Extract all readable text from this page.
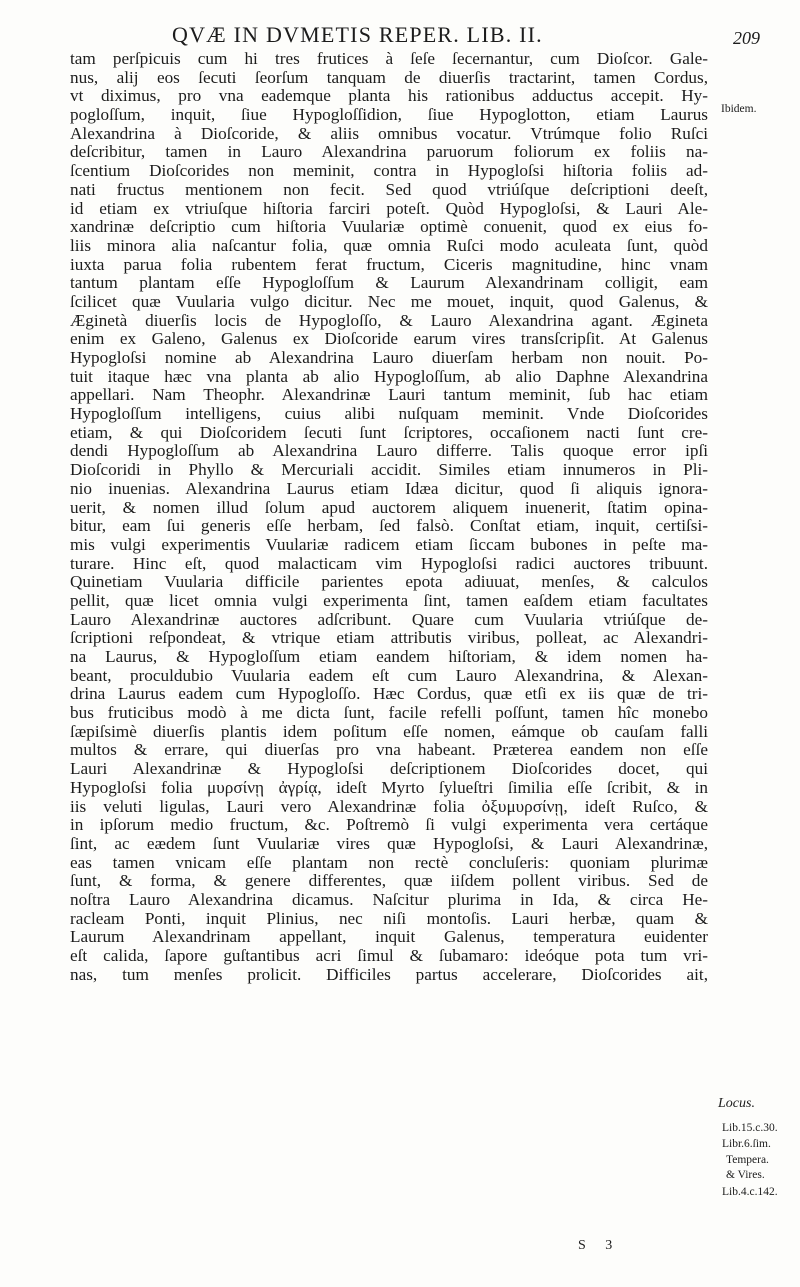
QVÆ IN DVMETIS REPER. LIB. II.	209
tam perſpicuis cum hi tres frutices à ſeſe ſecernantur, cum Dioſcor. Gale-
nus, alij eos ſecuti ſeorſum tanquam de diuerſis tractarint, tamen Cordus,
vt diximus, pro vna eademque planta his rationibus adductus accepit. Hy-
pogloſſum, inquit, ſiue Hypogloſſidion, ſiue Hypoglotton, etiam Laurus
Alexandrina à Dioſcoride, & aliis omnibus vocatur. Vtrúmque folio Ruſci
deſcribitur, tamen in Lauro Alexandrina paruorum foliorum ex foliis na-
ſcentium Dioſcorides non meminit, contra in Hypogloſsi hiſtoria foliis ad-
nati fructus mentionem non fecit. Sed quod vtriúſque deſcriptioni deeſt,
id etiam ex vtriuſque hiſtoria farciri poteſt. Quòd Hypogloſsi, & Lauri Ale-
xandrinæ deſcriptio cum hiſtoria Vuulariæ optimè conuenit, quod ex eius fo-
liis minora alia naſcantur folia, quæ omnia Ruſci modo aculeata ſunt, quòd
iuxta parua folia rubentem ferat fructum, Ciceris magnitudine, hinc vnam
tantum plantam eſſe Hypogloſſum & Laurum Alexandrinam colligit, eam
ſcilicet quæ Vuularia vulgo dicitur. Nec me mouet, inquit, quod Galenus, &
Æginetà diuerſis locis de Hypogloſſo, & Lauro Alexandrina agant. Ægineta
enim ex Galeno, Galenus ex Dioſcoride earum vires transſcripſit. At Galenus
Hypogloſsi nomine ab Alexandrina Lauro diuerſam herbam non nouit. Po-
tuit itaque hæc vna planta ab alio Hypogloſſum, ab alio Daphne Alexandrina
appellari. Nam Theophr. Alexandrinæ Lauri tantum meminit, ſub hac etiam
Hypogloſſum intelligens, cuius alibi nuſquam meminit. Vnde Dioſcorides
etiam, & qui Dioſcoridem ſecuti ſunt ſcriptores, occaſionem nacti ſunt cre-
dendi Hypogloſſum ab Alexandrina Lauro differre. Talis quoque error ipſi
Dioſcoridi in Phyllo & Mercuriali accidit. Similes etiam innumeros in Pli-
nio inuenias. Alexandrina Laurus etiam Idæa dicitur, quod ſi aliquis ignora-
uerit, & nomen illud ſolum apud auctorem aliquem inuenerit, ſtatim opina-
bitur, eam ſui generis eſſe herbam, ſed falsò. Conſtat etiam, inquit, certiſsi-
mis vulgi experimentis Vuulariæ radicem etiam ſiccam bubones in peſte ma-
turare. Hinc eſt, quod malacticam vim Hypogloſsi radici auctores tribuunt.
Quinetiam Vuularia difficile parientes epota adiuuat, menſes, & calculos
pellit, quæ licet omnia vulgi experimenta ſint, tamen eaſdem etiam facultates
Lauro Alexandrinæ auctores adſcribunt. Quare cum Vuularia vtriúſque de-
ſcriptioni reſpondeat, & vtrique etiam attributis viribus, polleat, ac Alexandri-
na Laurus, & Hypogloſſum etiam eandem hiſtoriam, & idem nomen ha-
beant, proculdubio Vuularia eadem eſt cum Lauro Alexandrina, & Alexan-
drina Laurus eadem cum Hypogloſſo. Hæc Cordus, quæ etſi ex iis quæ de tri-
bus fruticibus modò à me dicta ſunt, facile refelli poſſunt, tamen hîc monebo
ſæpiſsimè diuerſis plantis idem poſitum eſſe nomen, eámque ob cauſam falli
multos & errare, qui diuerſas pro vna habeant. Præterea eandem non eſſe
Lauri Alexandrinæ & Hypogloſsi deſcriptionem Dioſcorides docet, qui
Hypogloſsi folia μυρσίνῃ ἀγρίᾳ, ideſt Myrto ſylueſtri ſimilia eſſe ſcribit, & in
iis veluti ligulas, Lauri vero Alexandrinæ folia ὀξυμυρσίνῃ, ideſt Ruſco, &
in ipſorum medio fructum, &c. Poſtremò ſi vulgi experimenta vera certáque
ſint, ac eædem ſunt Vuulariæ vires quæ Hypogloſsi, & Lauri Alexandrinæ,
eas tamen vnicam eſſe plantam non rectè concluſeris: quoniam plurimæ
ſunt, & forma, & genere differentes, quæ iiſdem pollent viribus. Sed de
noſtra Lauro Alexandrina dicamus. Naſcitur plurima in Ida, & circa He-
racleam Ponti, inquit Plinius, nec niſi montoſis. Lauri herbæ, quam &
Laurum Alexandrinam appellant, inquit Galenus, temperatura euidenter
eſt calida, ſapore guſtantibus acri ſimul & ſubamaro: ideóque pota tum vri-
nas, tum menſes prolicit. Difficiles partus accelerare, Dioſcorides ait,
Ibidem.
Locus.
Lib.15.c.30.
Libr.6.ſim.
Tempera.
& Vires.
Lib.4.c.142.
S 3
